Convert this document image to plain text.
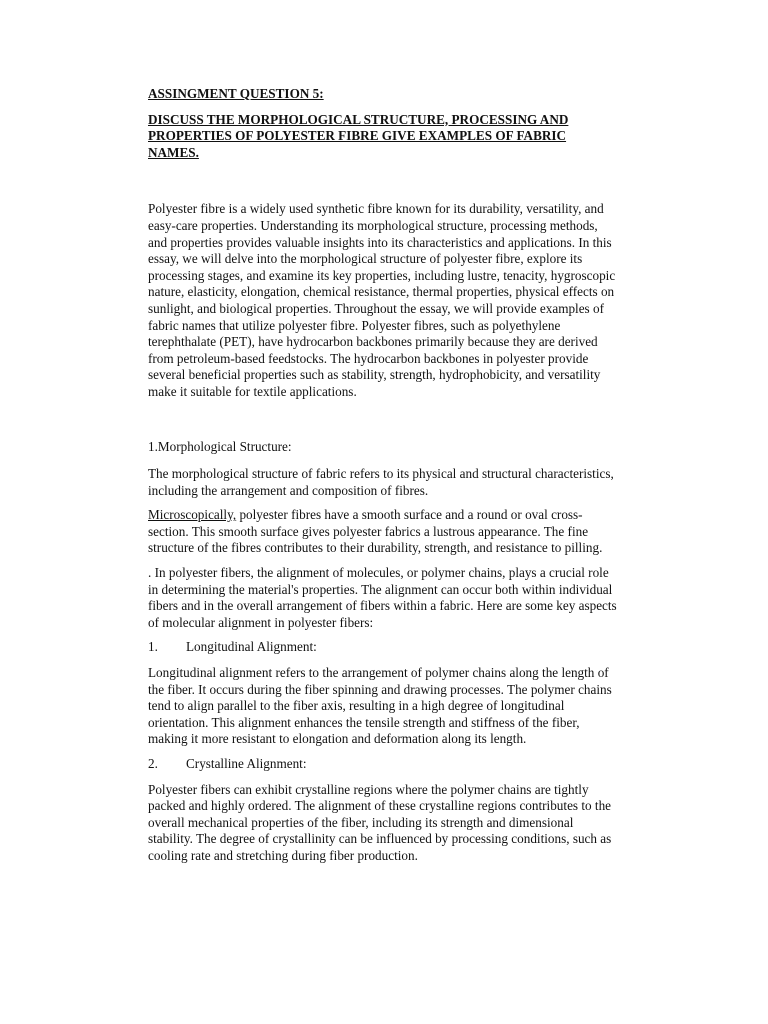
ASSINGMENT QUESTION 5:

DISCUSS THE MORPHOLOGICAL STRUCTURE, PROCESSING AND PROPERTIES OF POLYESTER FIBRE GIVE EXAMPLES OF FABRIC NAMES.

Polyester fibre is a widely used synthetic fibre known for its durability, versatility, and easy-care properties. Understanding its morphological structure, processing methods, and properties provides valuable insights into its characteristics and applications. In this essay, we will delve into the morphological structure of polyester fibre, explore its processing stages, and examine its key properties, including lustre, tenacity, hygroscopic nature, elasticity, elongation, chemical resistance, thermal properties, physical effects on sunlight, and biological properties. Throughout the essay, we will provide examples of fabric names that utilize polyester fibre. Polyester fibres, such as polyethylene terephthalate (PET), have hydrocarbon backbones primarily because they are derived from petroleum-based feedstocks. The hydrocarbon backbones in polyester provide several beneficial properties such as stability, strength, hydrophobicity, and versatility make it suitable for textile applications.

1.Morphological Structure:

The morphological structure of fabric refers to its physical and structural characteristics, including the arrangement and composition of fibres.

Microscopically, polyester fibres have a smooth surface and a round or oval cross-section. This smooth surface gives polyester fabrics a lustrous appearance. The fine structure of the fibres contributes to their durability, strength, and resistance to pilling.

. In polyester fibers, the alignment of molecules, or polymer chains, plays a crucial role in determining the material's properties. The alignment can occur both within individual fibers and in the overall arrangement of fibers within a fabric. Here are some key aspects of molecular alignment in polyester fibers:

1.	Longitudinal Alignment:

Longitudinal alignment refers to the arrangement of polymer chains along the length of the fiber. It occurs during the fiber spinning and drawing processes. The polymer chains tend to align parallel to the fiber axis, resulting in a high degree of longitudinal orientation. This alignment enhances the tensile strength and stiffness of the fiber, making it more resistant to elongation and deformation along its length.

2.	Crystalline Alignment:

Polyester fibers can exhibit crystalline regions where the polymer chains are tightly packed and highly ordered. The alignment of these crystalline regions contributes to the overall mechanical properties of the fiber, including its strength and dimensional stability. The degree of crystallinity can be influenced by processing conditions, such as cooling rate and stretching during fiber production.
